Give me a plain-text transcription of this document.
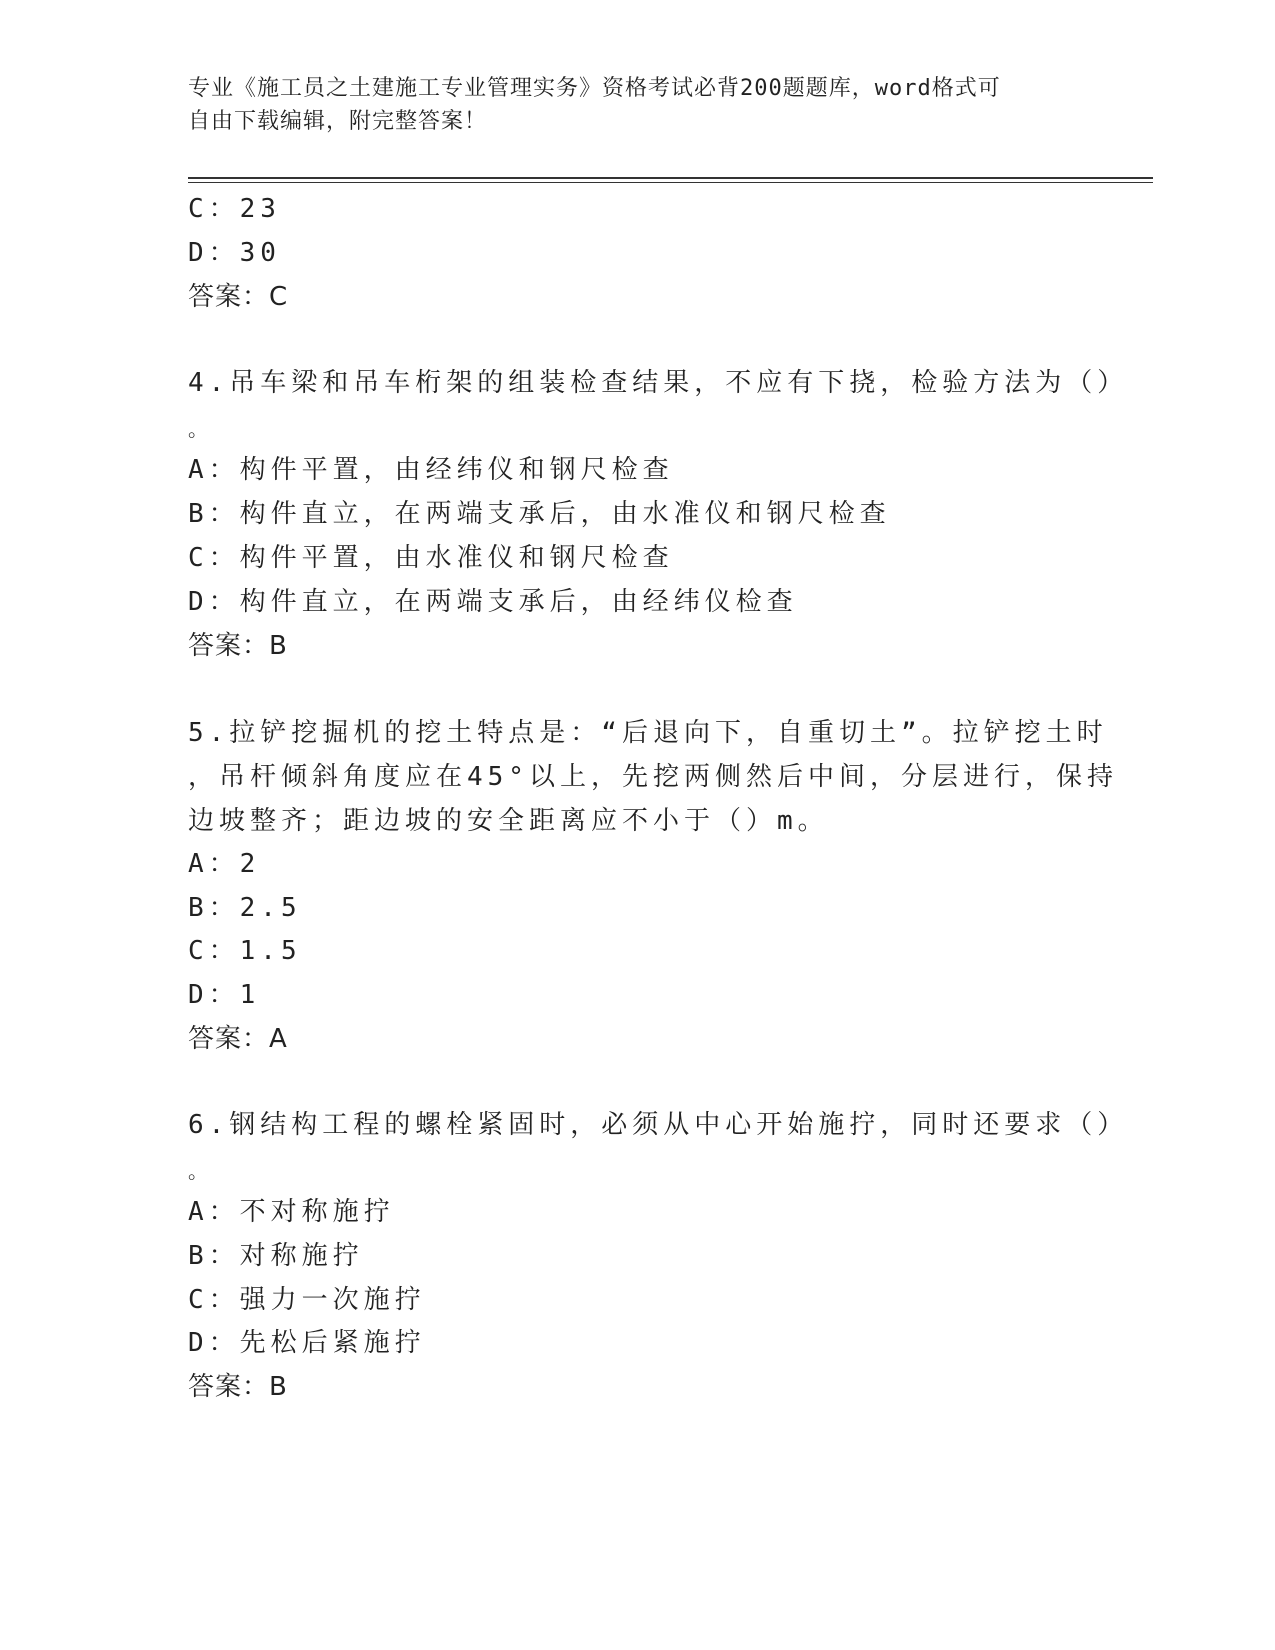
专业《施工员之土建施工专业管理实务》资格考试必背200题题库，word格式可
自由下载编辑，附完整答案！
C：23
D：30
答案：C
4.吊车梁和吊车桁架的组装检查结果，不应有下挠，检验方法为（）
。
A：构件平置，由经纬仪和钢尺检查
B：构件直立，在两端支承后，由水准仪和钢尺检查
C：构件平置，由水准仪和钢尺检查
D：构件直立，在两端支承后，由经纬仪检查
答案：B
5.拉铲挖掘机的挖土特点是：“后退向下，自重切土”。拉铲挖土时
，吊杆倾斜角度应在45°以上，先挖两侧然后中间，分层进行，保持
边坡整齐；距边坡的安全距离应不小于（）m。
A：2
B：2.5
C：1.5
D：1
答案：A
6.钢结构工程的螺栓紧固时，必须从中心开始施拧，同时还要求（）
。
A：不对称施拧
B：对称施拧
C：强力一次施拧
D：先松后紧施拧
答案：B
